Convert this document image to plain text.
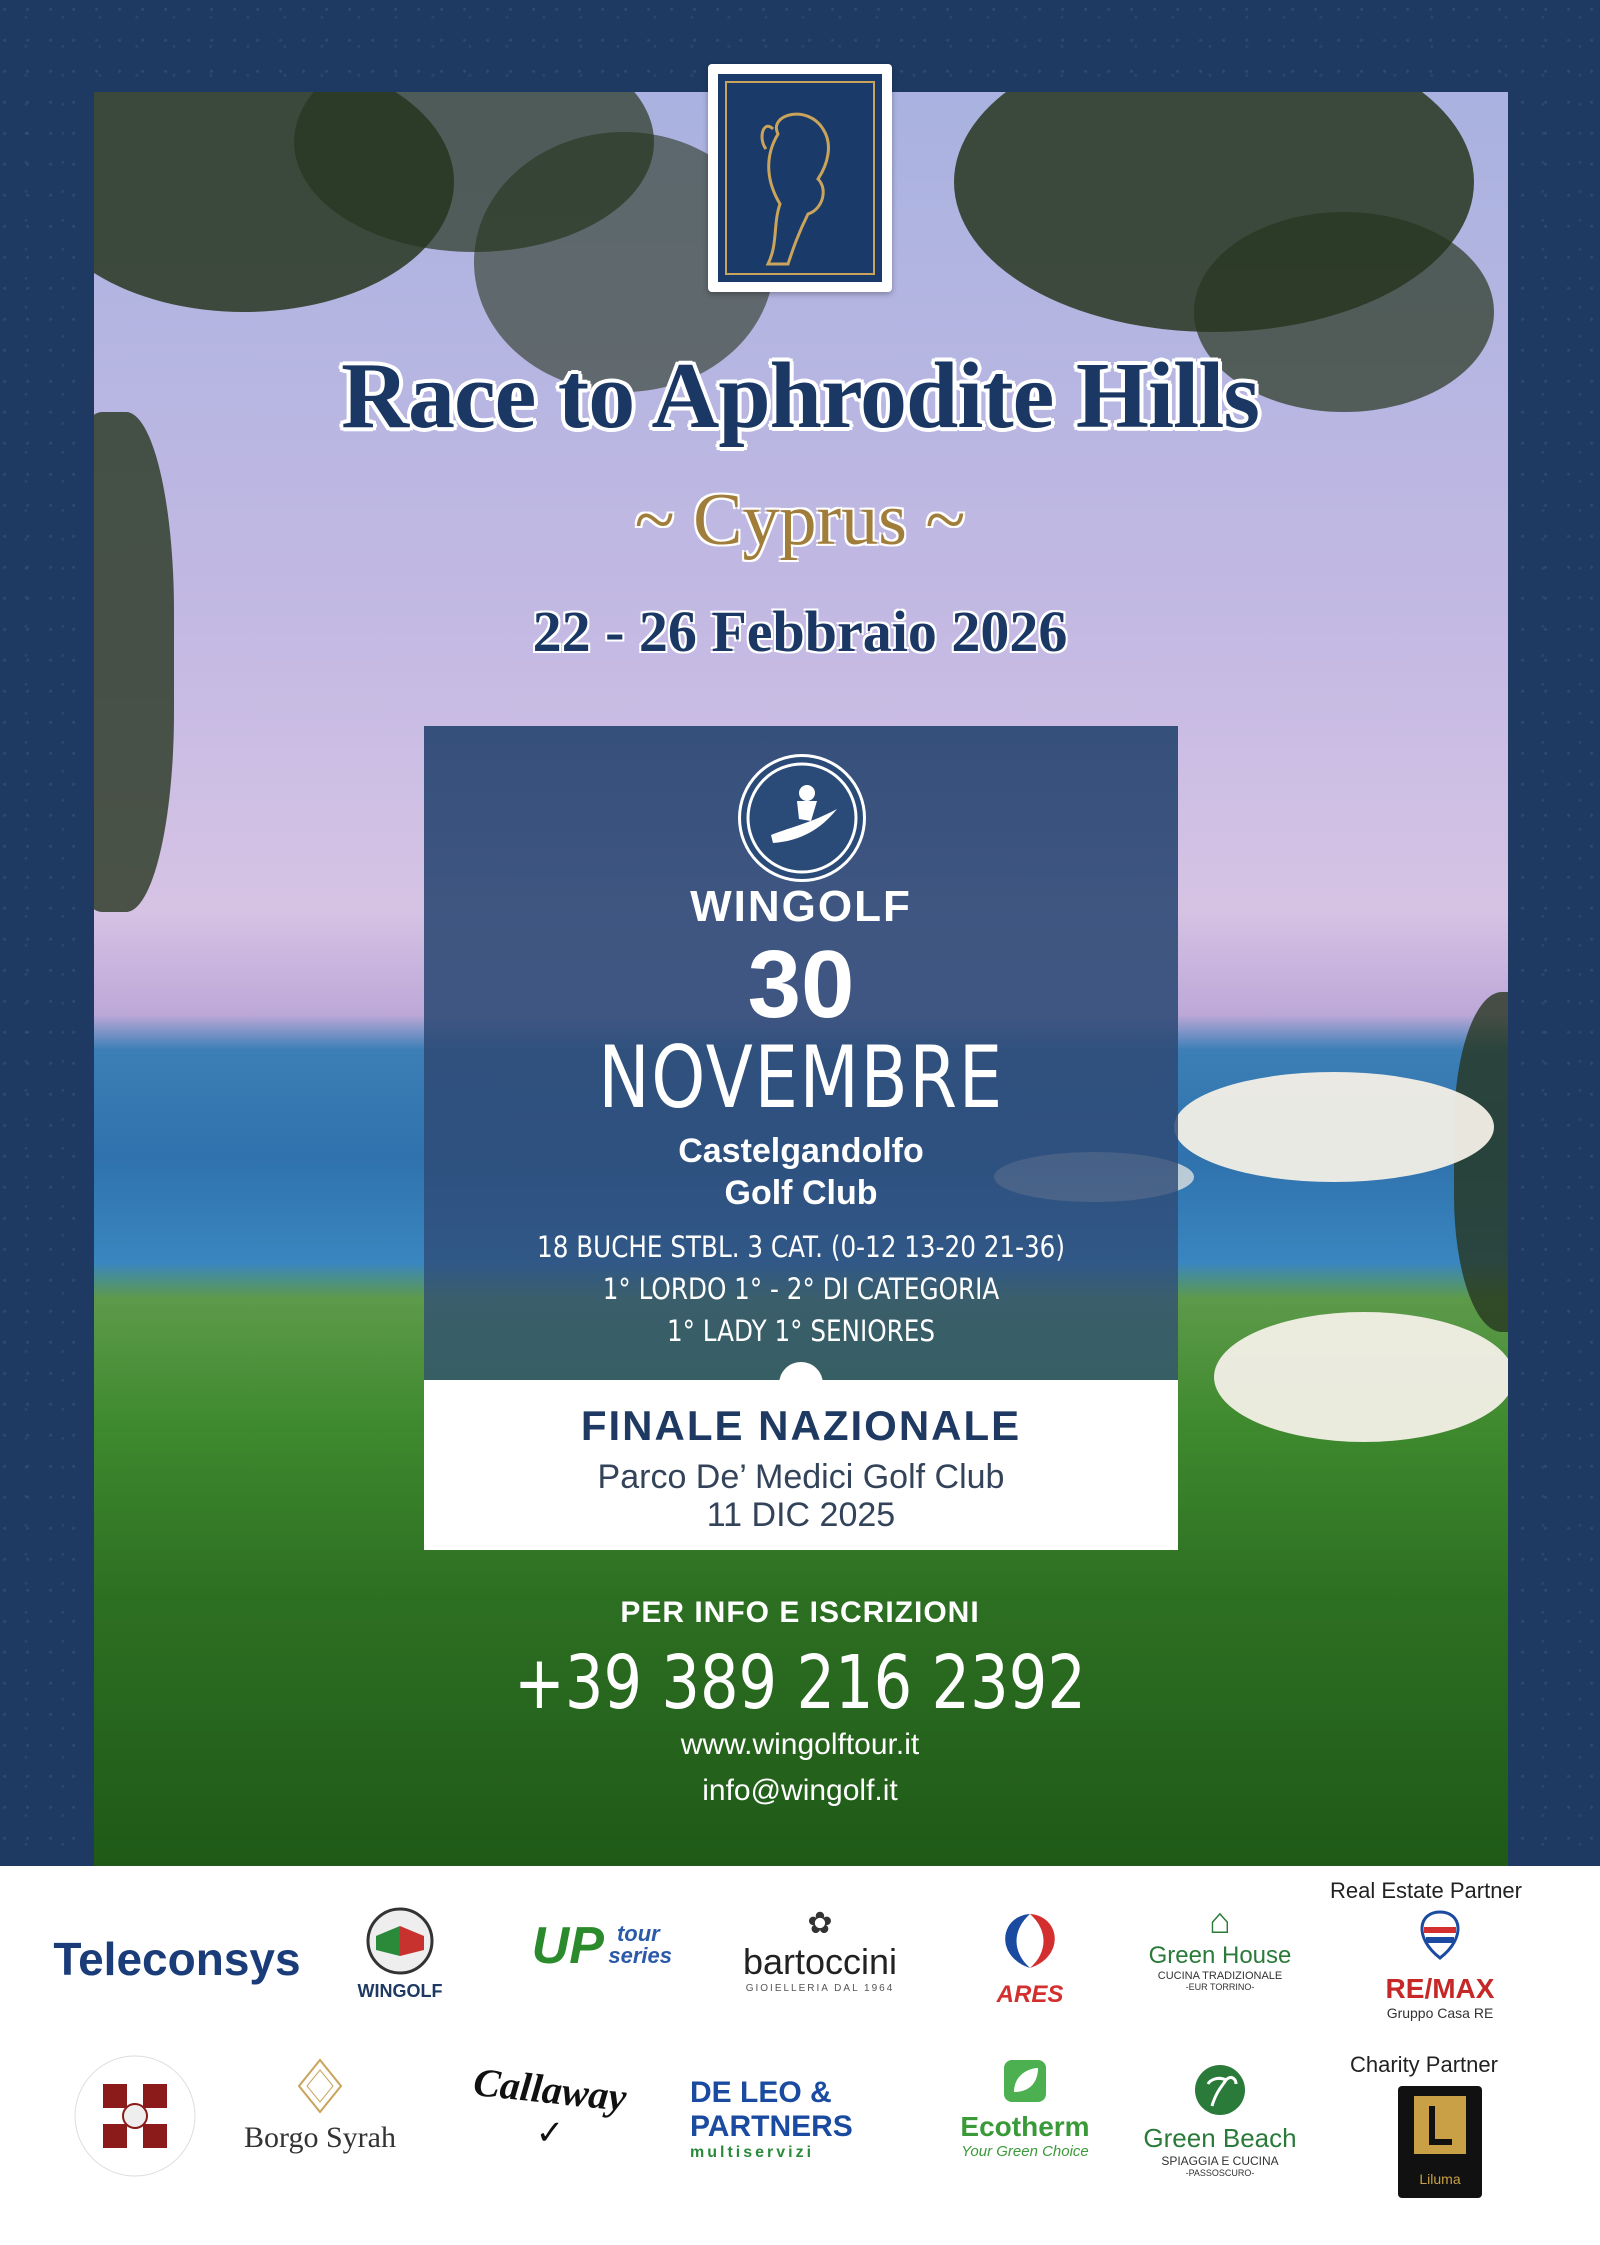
Race to Aphrodite Hills
~ Cyprus ~
22 - 26 Febbraio 2026
WINGOLF
30
NOVEMBRE
Castelgandolfo
Golf Club
18 BUCHE STBL. 3 CAT. (0-12 13-20 21-36)
1° LORDO 1° - 2° DI CATEGORIA
1° LADY 1° SENIORES
FINALE NAZIONALE
Parco De’ Medici Golf Club
11 DIC 2025
PER INFO E ISCRIZIONI
+39 389 216 2392
www.wingolftour.it
info@wingolf.it
Real Estate Partner
Charity Partner
Teleconsys
WINGOLF
UP tour series
✿
bartoccini
GIOIELLERIA DAL 1964	ARES
⌂
Green House
CUCINA TRADIZIONALE
-EUR TORRINO-	RE/MAX
Gruppo Casa RE
Borgo Syrah
Callaway
✓
DE LEO &
PARTNERS
multiservizi
Ecotherm
Your Green Choice	Green Beach
SPIAGGIA E CUCINA
-PASSOSCURO-	Liluma
